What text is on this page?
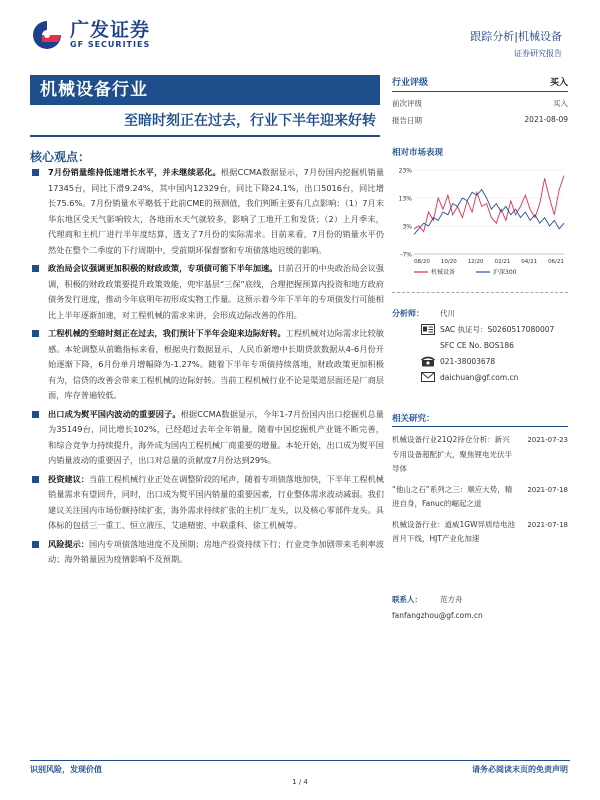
广发证券
GF SECURITIES
跟踪分析|机械设备
证券研究报告
机械设备行业
至暗时刻正在过去，行业下半年迎来好转
核心观点：
7月份销量维持低速增长水平，并未继续恶化。根据CCMA数据显示，7月份国内挖掘机销量17345台，同比下滑9.24%，其中国内12329台，同比下降24.1%，出口5016台，同比增长75.6%。7月份销量水平略低于此前CME的预测值，我们判断主要有几点影响：（1）7月末华东地区受天气影响较大，各地雨水天气就较多，影响了工地开工和发货；（2）上月季末，代理商和主机厂进行半年度结算，透支了7月份的实际需求。目前来看，7月份的销量水平仍然处在整个二季度的下行周期中，受前期环保督察和专项债落地迟缓的影响。
政治局会议强调更加积极的财政政策，专项债可能下半年加速。日前召开的中央政治局会议强调，积极的财政政策要提升政策效能，兜牢基层“三保”底线，合理把握预算内投资和地方政府债务发行进度，推动今年底明年初形成实物工作量。这预示着今年下半年的专项债发行可能相比上半年逐渐加速，对工程机械的需求来讲，会形成边际改善的作用。
工程机械的至暗时刻正在过去，我们预计下半年会迎来边际好转。工程机械对边际需求比较敏感。本轮调整从前瞻指标来看，根据央行数据显示，人民币新增中长期贷款数据从4-6月份开始逐渐下降，6月份单月增幅降为-1.27%。随着下半年专项债持续落地，财政政策更加积极有为，信贷的改善会带来工程机械的边际好转。当前工程机械行业不论是渠道层面还是厂商层面，库存普遍较低。
出口成为熨平国内波动的重要因子。根据CCMA数据显示，今年1-7月份国内出口挖掘机总量为35149台，同比增长102%，已经超过去年全年销量，随着中国挖掘机产业链不断完善，和综合竞争力持续提升，海外成为国内工程机械厂商重要的增量。本轮开始，出口成为熨平国内销量波动的重要因子，出口对总量的贡献度7月份达到29%。
投资建议：当前工程机械行业正处在调整阶段的尾声，随着专项债落地加快，下半年工程机械销量需求有望回升，同时，出口成为熨平国内销量的重要因素，行业整体需求波动减弱。我们建议关注国内市场份额持续扩张，海外需求持续扩张的主机厂龙头，以及核心零部件龙头。具体标的包括三一重工、恒立液压、艾迪精密、中联重科、徐工机械等。
风险提示：国内专项债落地进度不及预期；房地产投资持续下行；行业竞争加剧带来毛利率波动；海外销量因为疫情影响不及预期。
行业评级	买入
前次评级	买入
报告日期	2021-08-09
相对市场表现
23%
13%
3%
-7%
08/20 10/20 12/20 02/21 04/21 06/21
机械设备	沪深300
分析师：	代川
SAC 执证号：S0260517080007
SFC CE No. BOS186
021-38003678
daichuan@gf.com.cn
相关研究：
机械设备行业21Q2持仓分析：新兴专用设备超配扩大，聚焦锂电光伏半导体
2021-07-23
“他山之石”系列之三：顺应大势，精进自身，Fanuc的崛起之道
2021-07-18
机械设备行业：道威1GW异质结电池首月下线，HJT产业化加速
2021-07-18
联系人：	范方舟
fanfangzhou@gf.com.cn
识别风险，发现价值	请务必阅读末页的免责声明
1 / 4
